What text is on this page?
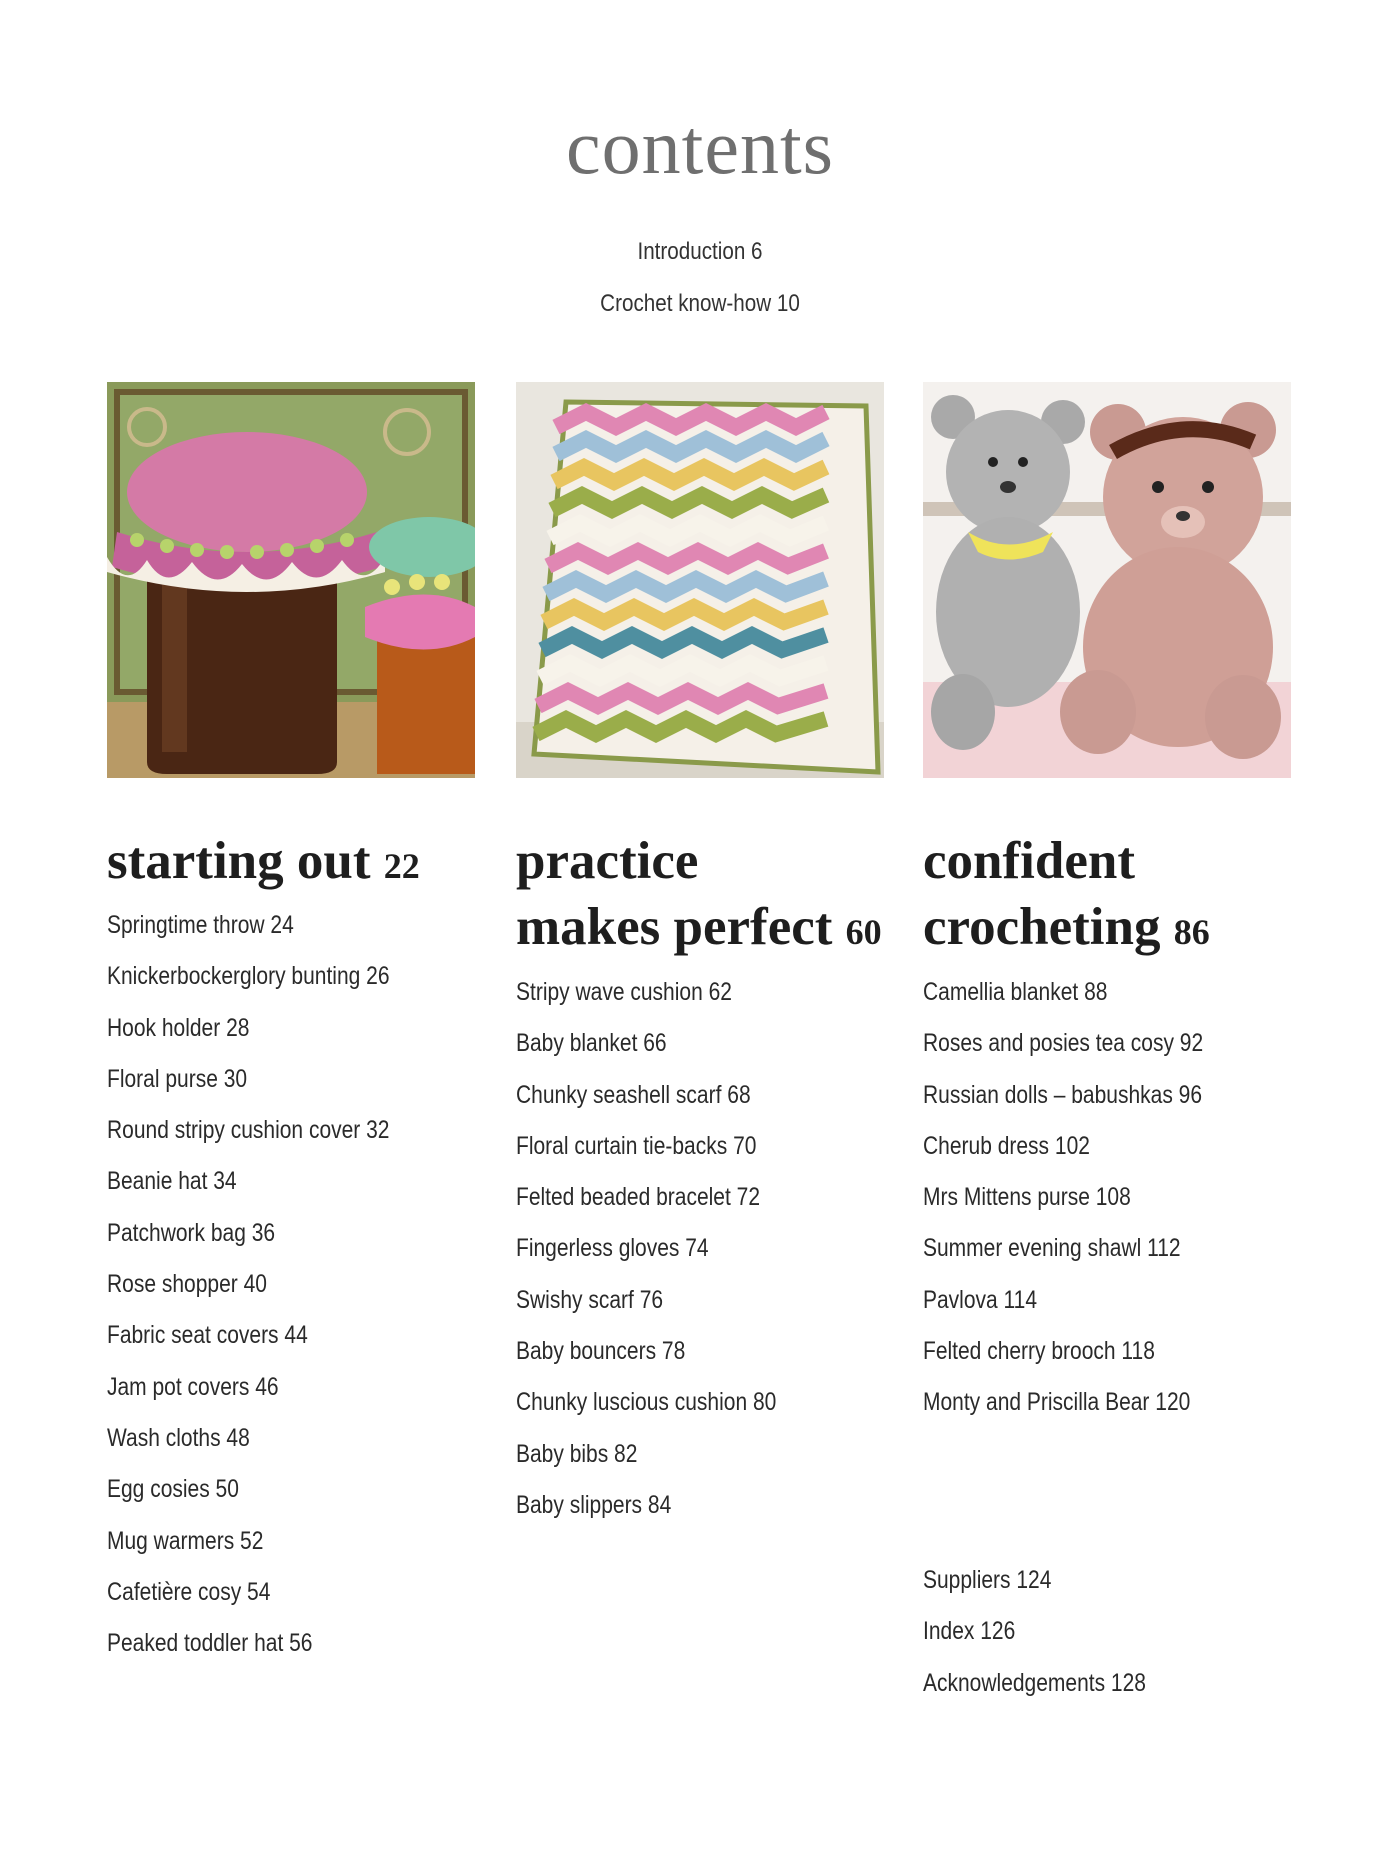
contents
Introduction 6
Crochet know-how 10
starting out 22
Springtime throw 24
Knickerbockerglory bunting 26
Hook holder 28
Floral purse 30
Round stripy cushion cover 32
Beanie hat 34
Patchwork bag 36
Rose shopper 40
Fabric seat covers 44
Jam pot covers 46
Wash cloths 48
Egg cosies 50
Mug warmers 52
Cafetière cosy 54
Peaked toddler hat 56
practice
makes perfect 60
Stripy wave cushion 62
Baby blanket 66
Chunky seashell scarf 68
Floral curtain tie-backs 70
Felted beaded bracelet 72
Fingerless gloves 74
Swishy scarf 76
Baby bouncers 78
Chunky luscious cushion 80
Baby bibs 82
Baby slippers 84
confident
crocheting 86
Camellia blanket 88
Roses and posies tea cosy 92
Russian dolls – babushkas 96
Cherub dress 102
Mrs Mittens purse 108
Summer evening shawl 112
Pavlova 114
Felted cherry brooch 118
Monty and Priscilla Bear 120
Suppliers 124
Index 126
Acknowledgements 128
